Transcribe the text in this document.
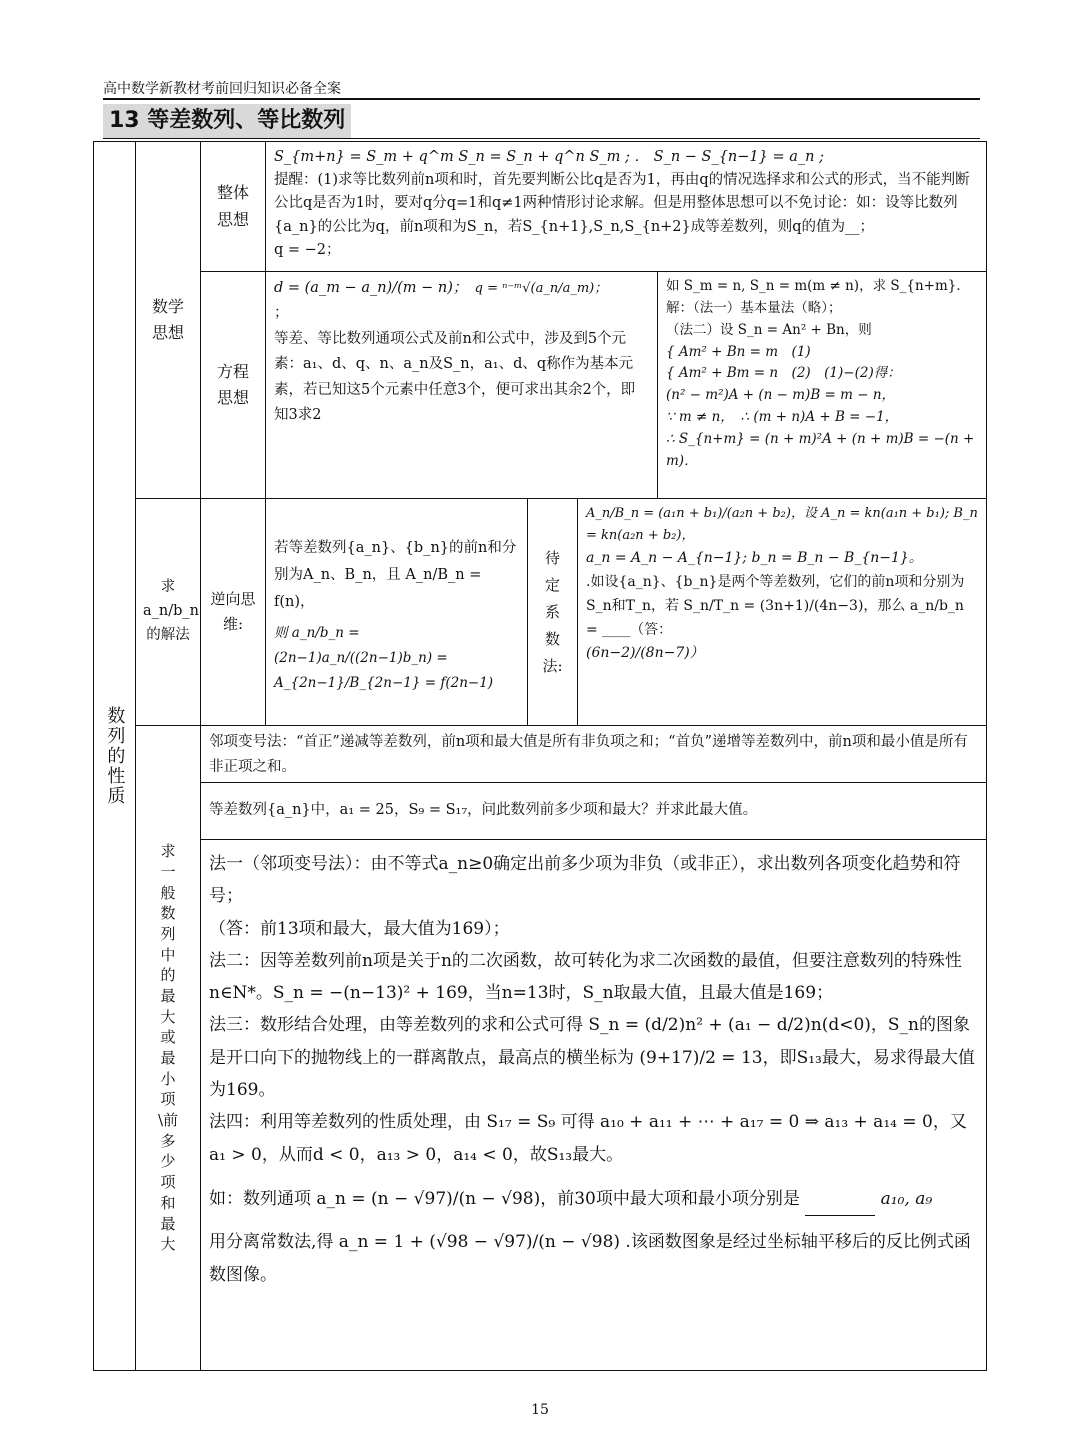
高中数学新教材考前回归知识必备全案
13 等差数列、等比数列
数列的性质
数学思想
整体思想

S_{m+n} = S_m + q^m S_n = S_n + q^n S_m ; ． S_n − S_{n−1} = a_n ;

提醒：(1)求等比数列前n项和时，首先要判断公比q是否为1，再由q的情况选择求和公式的形式，当不能判断公比q是否为1时，要对q分q=1和q≠1两种情形讨论求解。但是用整体思想可以不免讨论：如：设等比数列{a_n}的公比为q，前n项和为S_n，若S_{n+1},S_n,S_{n+2}成等差数列，则q的值为__；

q = −2；

方程思想

d = (a_m − a_n)/(m − n)；　 q = ⁿ⁻ᵐ√(a_n/a_m)；

；

等差、等比数列通项公式及前n和公式中，涉及到5个元素：a₁、d、q、n、a_n及S_n，a₁、d、q称作为基本元素，若已知这5个元素中任意3个，便可求出其余2个，即知3求2

如 S_m = n, S_n = m(m ≠ n)，求 S_{n+m}．

解：（法一）基本量法（略）；

（法二）设 S_n = An² + Bn，则

{ Am² + Bn = m　(1)

{ Am² + Bm = n　(2)　(1)−(2)得：

(n² − m²)A + (n − m)B = m − n，

∵ m ≠ n，　∴ (m + n)A + B = −1，

∴ S_{n+m} = (n + m)²A + (n + m)B = −(n + m)．

求 a_n/b_n 的解法
逆向思维:

若等差数列{a_n}、{b_n}的前n和分别为A_n、B_n，且 A_n/B_n = f(n)，

则 a_n/b_n = (2n−1)a_n/((2n−1)b_n) = A_{2n−1}/B_{2n−1} = f(2n−1)

待定系数法:

A_n/B_n = (a₁n + b₁)/(a₂n + b₂)，设 A_n = kn(a₁n + b₁); B_n = kn(a₂n + b₂)，

a_n = A_n − A_{n−1}; b_n = B_n − B_{n−1}。

.如设{a_n}、{b_n}是两个等差数列，它们的前n项和分别为S_n和T_n，若 S_n/T_n = (3n+1)/(4n−3)，那么 a_n/b_n = ____（答：

(6n−2)/(8n−7)）

求一般数列中的最大或最小项\前多少项和最大

邻项变号法：“首正”递减等差数列，前n项和最大值是所有非负项之和；“首负”递增等差数列中，前n项和最小值是所有非正项之和。

等差数列{a_n}中，a₁ = 25，S₉ = S₁₇，问此数列前多少项和最大？并求此最大值。

法一（邻项变号法）：由不等式a_n≥0确定出前多少项为非负（或非正），求出数列各项变化趋势和符号；

（答：前13项和最大，最大值为169）；

法二：因等差数列前n项是关于n的二次函数，故可转化为求二次函数的最值，但要注意数列的特殊性n∈N*。S_n = −(n−13)² + 169，当n=13时，S_n取最大值，且最大值是169；

法三：数形结合处理，由等差数列的求和公式可得 S_n = (d/2)n² + (a₁ − d/2)n(d<0)，S_n的图象是开口向下的抛物线上的一群离散点，最高点的横坐标为 (9+17)/2 = 13，即S₁₃最大，易求得最大值为169。

法四：利用等差数列的性质处理，由 S₁₇ = S₉ 可得 a₁₀ + a₁₁ + ⋯ + a₁₇ = 0 ⇒ a₁₃ + a₁₄ = 0，又a₁ > 0，从而d < 0，a₁₃ > 0，a₁₄ < 0，故S₁₃最大。

如：数列通项 a_n = (n − √97)/(n − √98)，前30项中最大项和最小项分别是	a₁₀, a₉

用分离常数法,得 a_n = 1 + (√98 − √97)/(n − √98) .该函数图象是经过坐标轴平移后的反比例式函数图像。

15
